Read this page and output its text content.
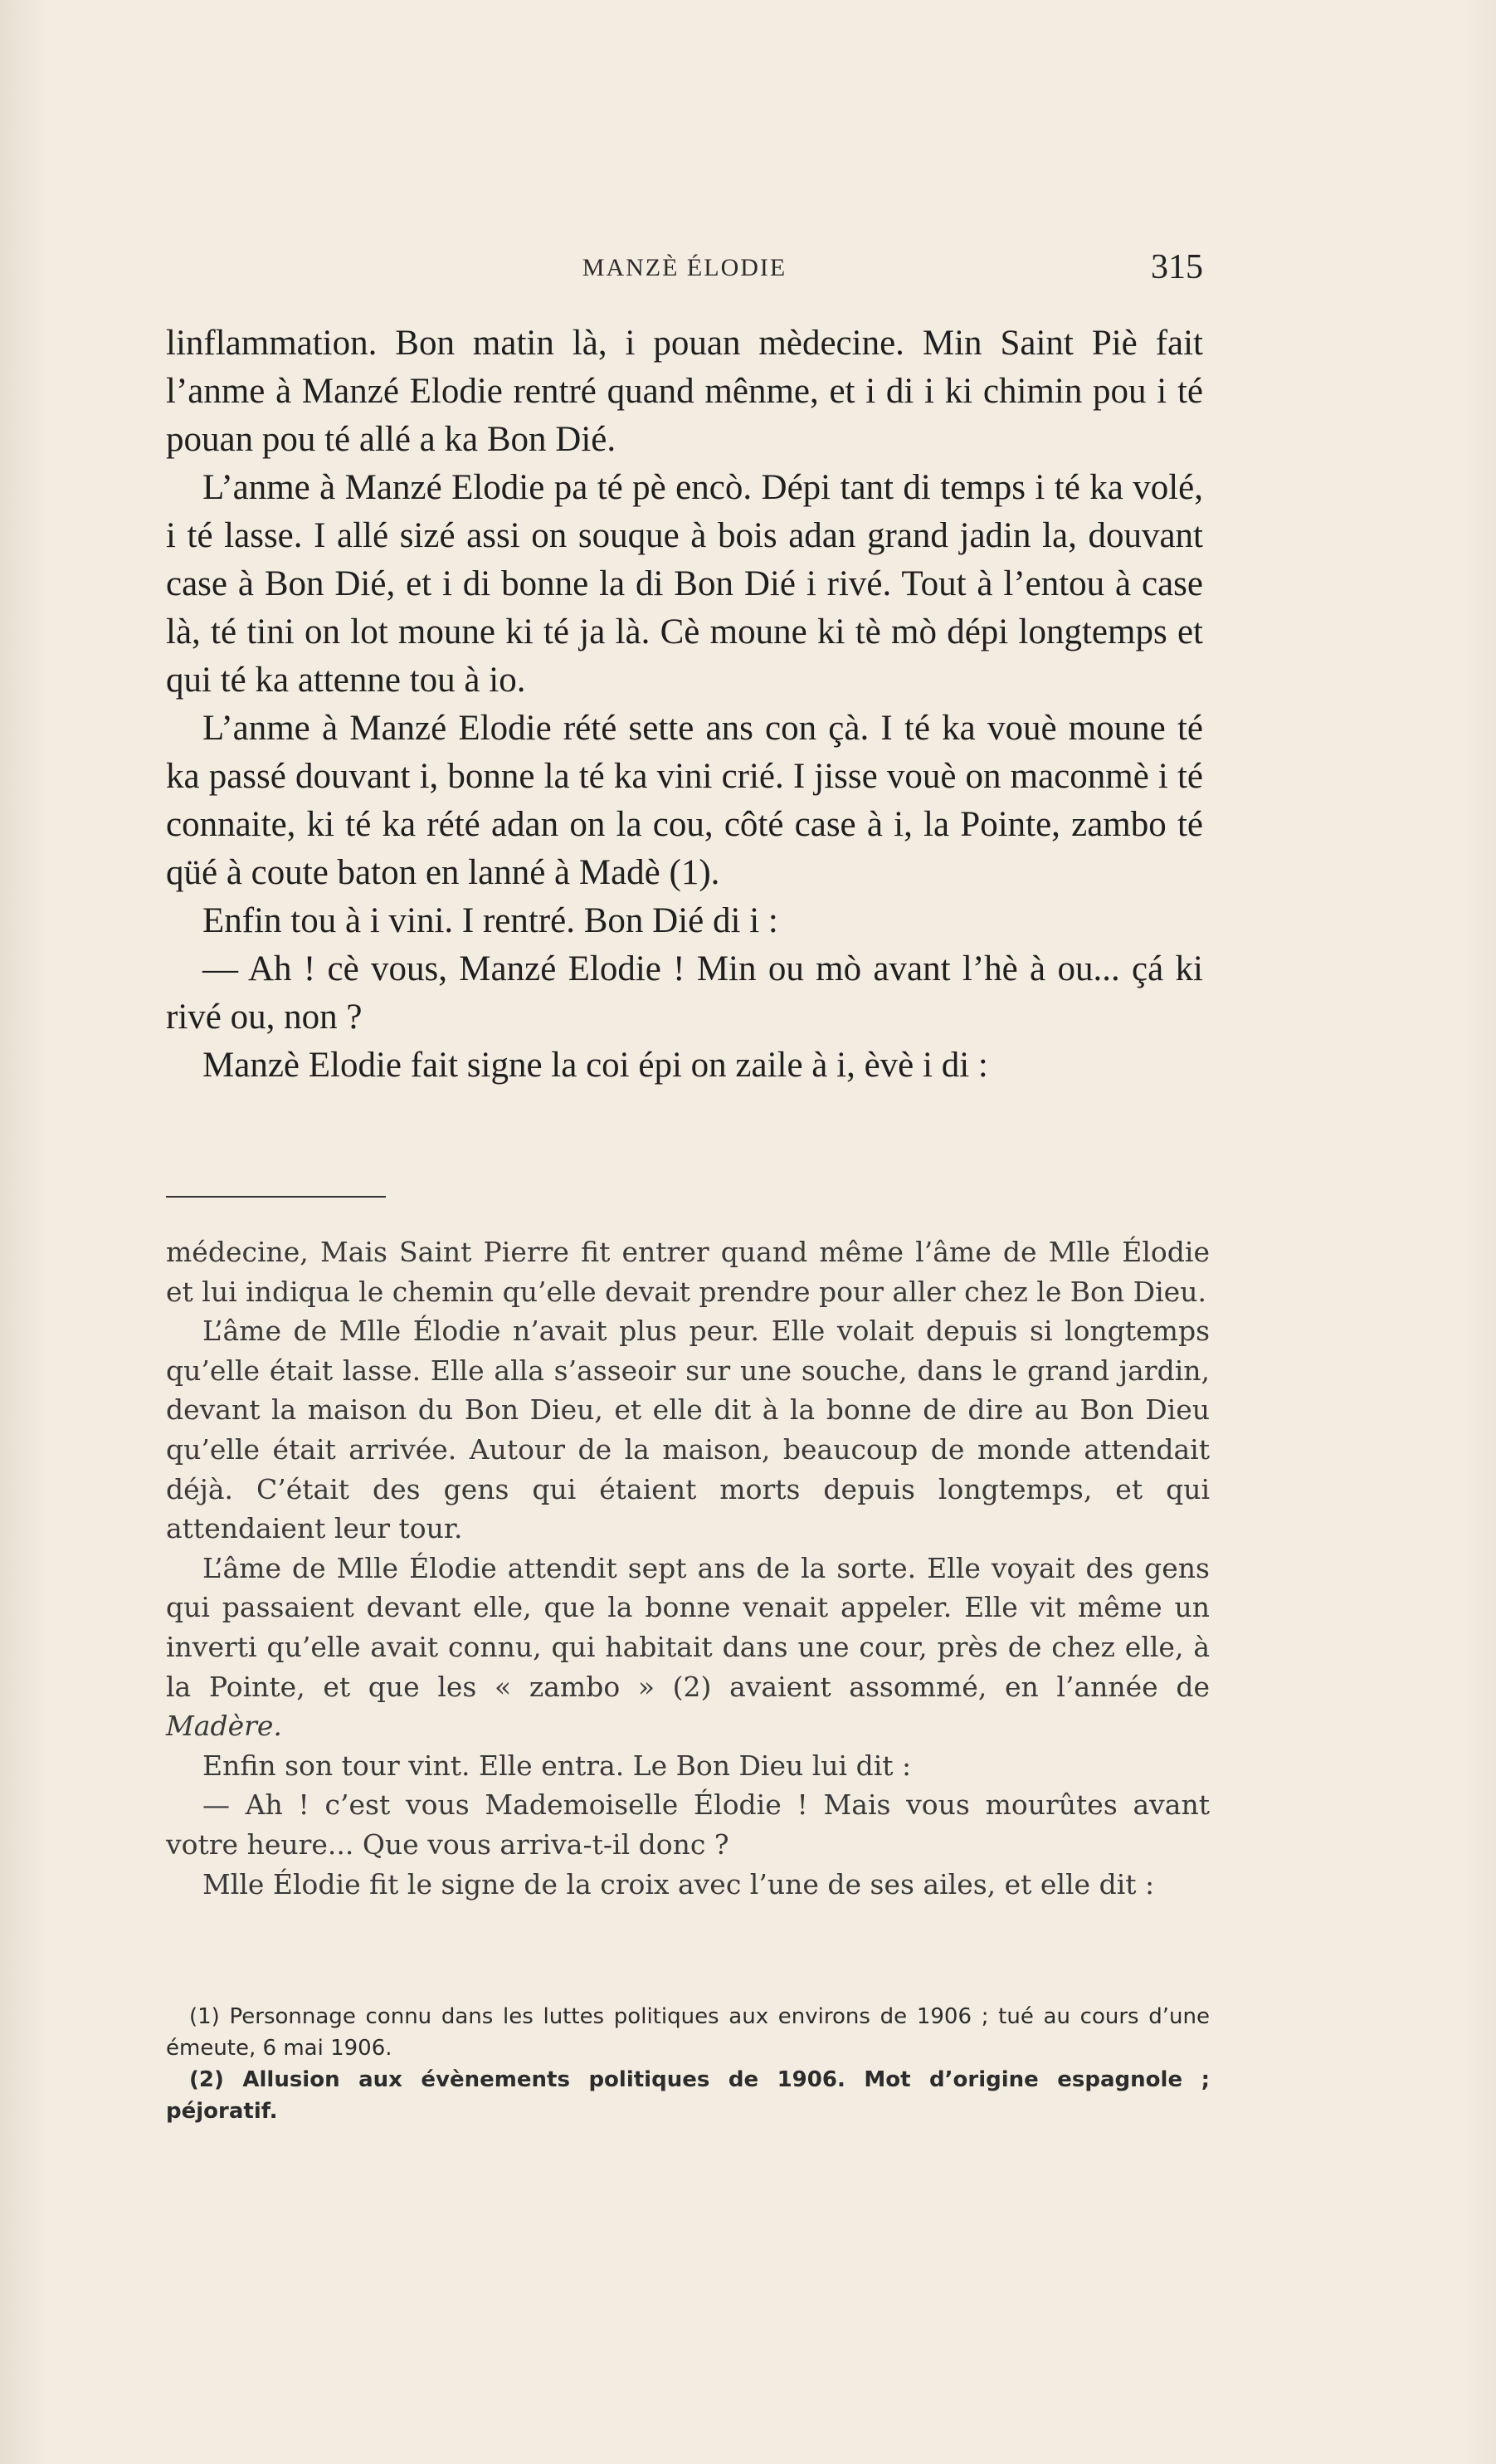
MANZÈ ÉLODIE	315

linflammation. Bon matin là, i pouan mèdecine. Min Saint Piè fait l’anme à Manzé Elodie rentré quand mênme, et i di i ki chimin pou i té pouan pou té allé a ka Bon Dié.

L’anme à Manzé Elodie pa té pè encò. Dépi tant di temps i té ka volé, i té lasse. I allé sizé assi on souque à bois adan grand jadin la, douvant case à Bon Dié, et i di bonne la di Bon Dié i rivé. Tout à l’entou à case là, té tini on lot moune ki té ja là. Cè moune ki tè mò dépi longtemps et qui té ka attenne tou à io.

L’anme à Manzé Elodie rété sette ans con çà. I té ka vouè moune té ka passé douvant i, bonne la té ka vini crié. I jisse vouè on maconmè i té connaite, ki té ka rété adan on la cou, côté case à i, la Pointe, zambo té qüé à coute baton en lanné à Madè (1).

Enfin tou à i vini. I rentré. Bon Dié di i :

— Ah ! cè vous, Manzé Elodie ! Min ou mò avant l’hè à ou... çá ki rivé ou, non ?

Manzè Elodie fait signe la coi épi on zaile à i, èvè i di :

médecine, Mais Saint Pierre fit entrer quand même l’âme de Mlle Élodie et lui indiqua le chemin qu’elle devait prendre pour aller chez le Bon Dieu.

L’âme de Mlle Élodie n’avait plus peur. Elle volait depuis si longtemps qu’elle était lasse. Elle alla s’asseoir sur une souche, dans le grand jardin, devant la maison du Bon Dieu, et elle dit à la bonne de dire au Bon Dieu qu’elle était arrivée. Autour de la maison, beaucoup de monde attendait déjà. C’était des gens qui étaient morts depuis longtemps, et qui attendaient leur tour.

L’âme de Mlle Élodie attendit sept ans de la sorte. Elle voyait des gens qui passaient devant elle, que la bonne venait appeler. Elle vit même un inverti qu’elle avait connu, qui habitait dans une cour, près de chez elle, à la Pointe, et que les « zambo » (2) avaient assommé, en l’année de Madère.

Enfin son tour vint. Elle entra. Le Bon Dieu lui dit :

— Ah ! c’est vous Mademoiselle Élodie ! Mais vous mourûtes avant votre heure... Que vous arriva-t-il donc ?

Mlle Élodie fit le signe de la croix avec l’une de ses ailes, et elle dit :

(1) Personnage connu dans les luttes politiques aux environs de 1906 ; tué au cours d’une émeute, 6 mai 1906.

(2) Allusion aux évènements politiques de 1906. Mot d’origine espagnole ; péjoratif.
